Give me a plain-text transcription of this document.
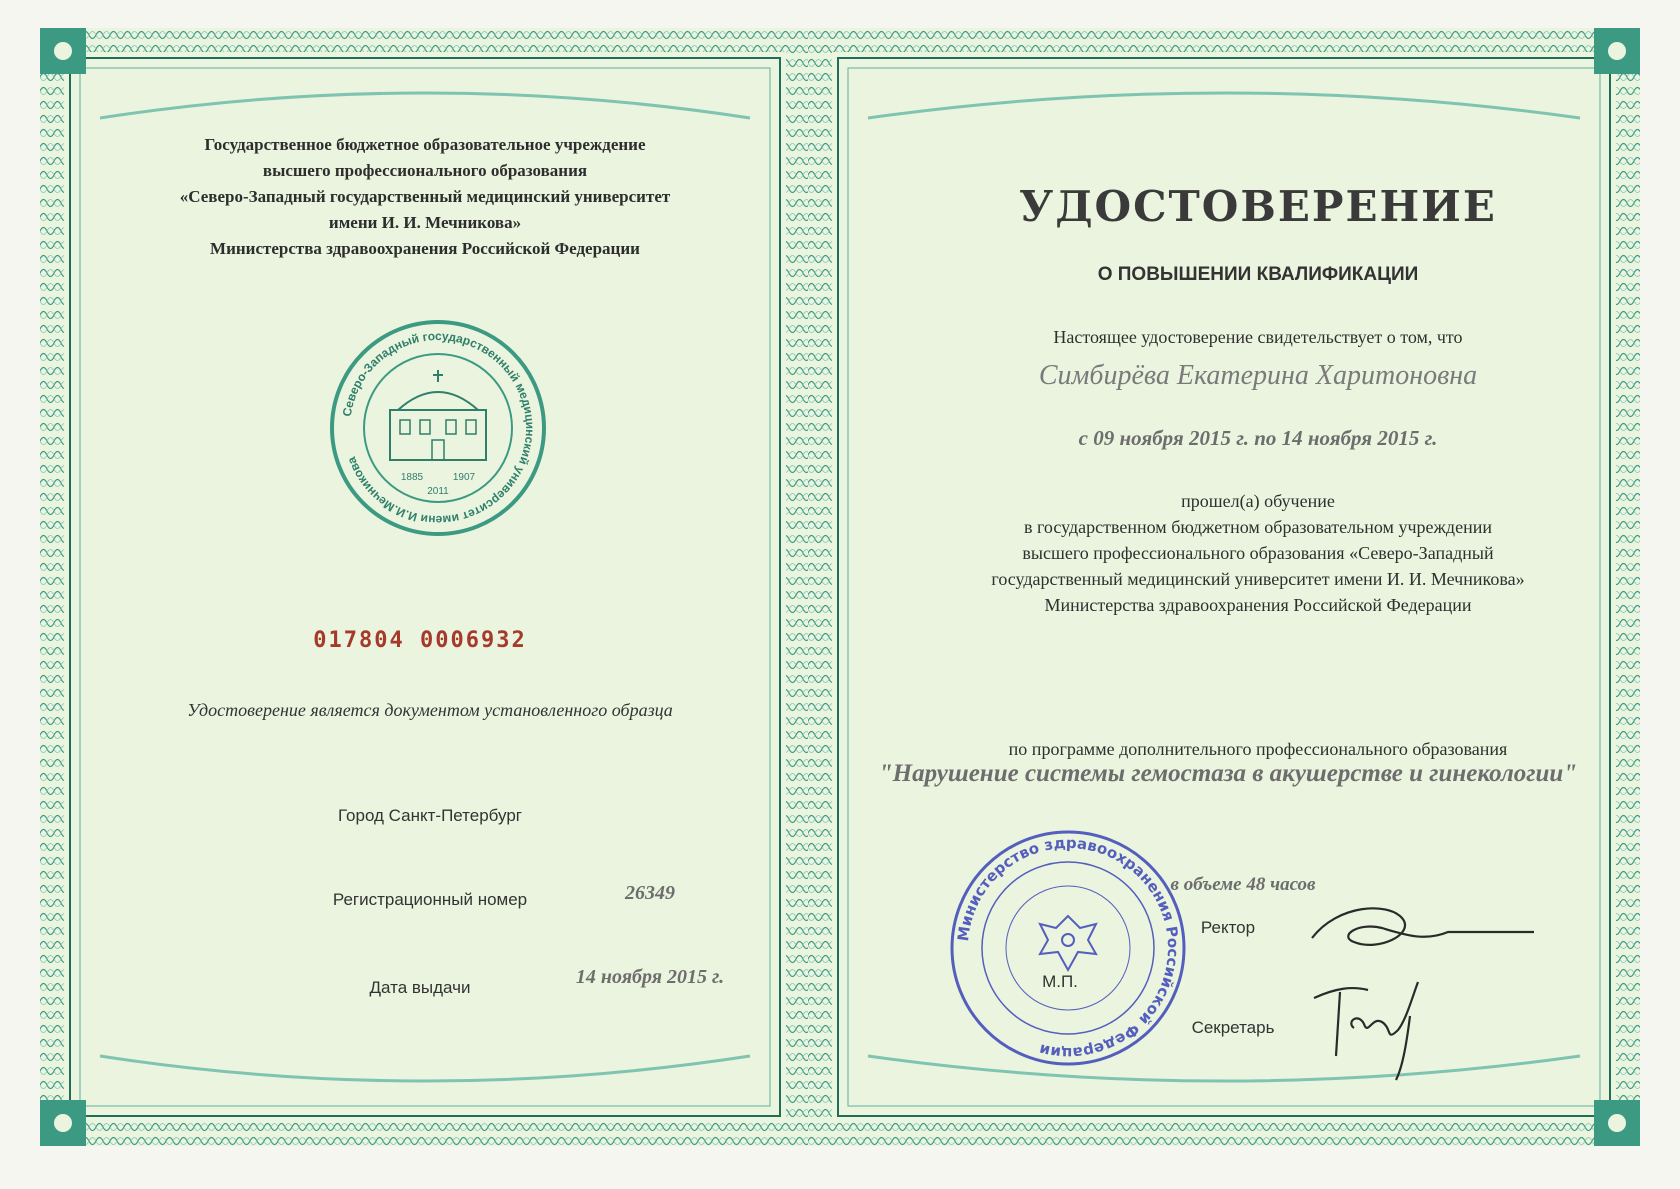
Государственное бюджетное образовательное учреждение
высшего профессионального образования
«Северо-Западный государственный медицинский университет
имени И. И. Мечникова»
Министерства здравоохранения Российской Федерации
Северо-Западный государственный медицинский университет имени И.И.Мечникова
1885	1907
2011
017804 0006932
Удостоверение является документом установленного образца
Город Санкт-Петербург
Регистрационный номер	26349
Дата выдачи	14 ноября 2015 г.
УДОСТОВЕРЕНИЕ
О ПОВЫШЕНИИ КВАЛИФИКАЦИИ
Настоящее удостоверение свидетельствует о том, что
Симбирёва Екатерина Харитоновна
с 09 ноября 2015 г. по 14 ноября 2015 г.
прошел(а) обучение
в государственном бюджетном образовательном учреждении
высшего профессионального образования «Северо-Западный
государственный медицинский университет имени И. И. Мечникова»
Министерства здравоохранения Российской Федерации
по программе дополнительного профессионального образования
"Нарушение системы гемостаза в акушерстве и гинекологии"
Министерство здравоохранения Российской Федерации
в объеме 48 часов
Ректор
М.П.
Секретарь
